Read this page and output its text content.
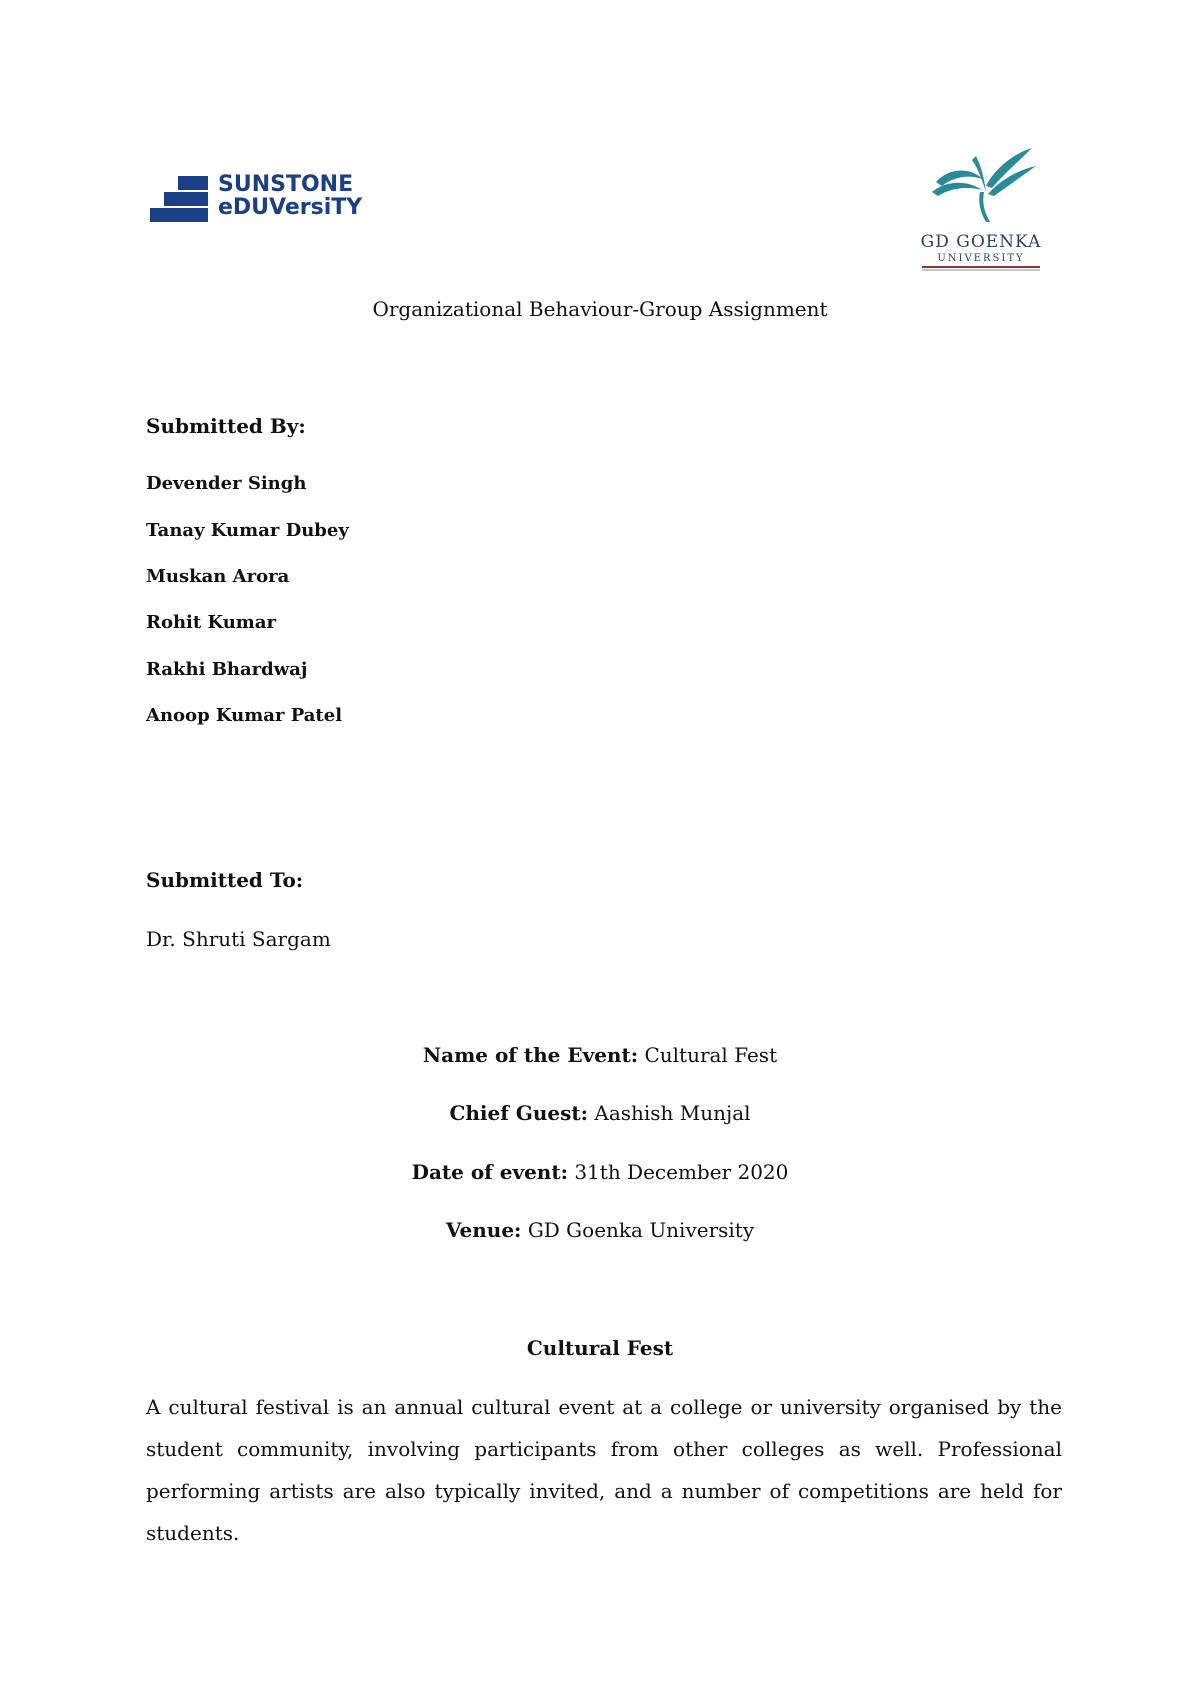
SUNSTONE
eDUVersiTY
GD GOENKA
UNIVERSITY
Organizational Behaviour-Group Assignment
Submitted By:
Devender Singh
Tanay Kumar Dubey
Muskan Arora
Rohit Kumar
Rakhi Bhardwaj
Anoop Kumar Patel
Submitted To:
Dr. Shruti Sargam
Name of the Event: Cultural Fest
Chief Guest: Aashish Munjal
Date of event: 31th December 2020
Venue: GD Goenka University
Cultural Fest
A cultural festival is an annual cultural event at a college or university organised by the student community, involving participants from other colleges as well. Professional performing artists are also typically invited, and a number of competitions are held for students.
